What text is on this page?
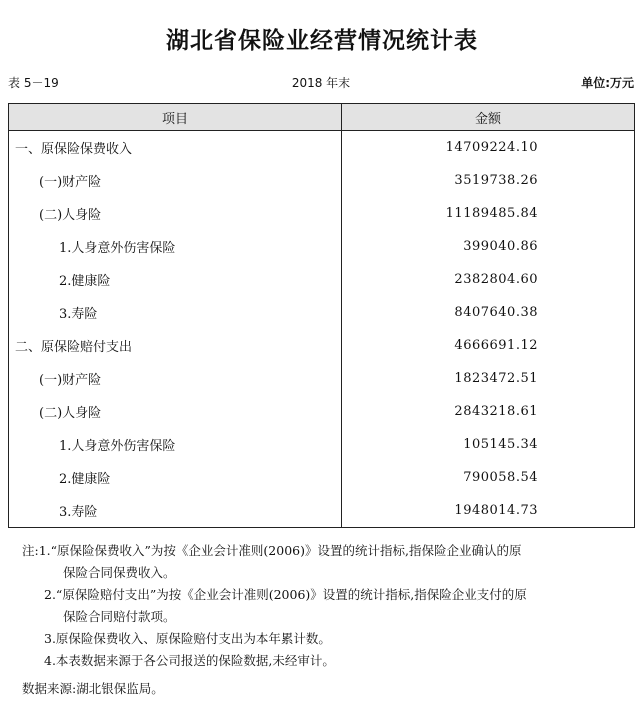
湖北省保险业经营情况统计表
表 5－19	2018 年末	单位:万元
项目	金额
一、原保险保费收入	14709224.10
(一)财产险	3519738.26
(二)人身险	11189485.84
1.人身意外伤害保险	399040.86
2.健康险	2382804.60
3.寿险	8407640.38
二、原保险赔付支出	4666691.12
(一)财产险	1823472.51
(二)人身险	2843218.61
1.人身意外伤害保险	105145.34
2.健康险	790058.54
3.寿险	1948014.73
注:1.“原保险保费收入”为按《企业会计准则(2006)》设置的统计指标,指保险企业确认的原
保险合同保费收入。
2.“原保险赔付支出”为按《企业会计准则(2006)》设置的统计指标,指保险企业支付的原
保险合同赔付款项。
3.原保险保费收入、原保险赔付支出为本年累计数。
4.本表数据来源于各公司报送的保险数据,未经审计。
数据来源:湖北银保监局。
